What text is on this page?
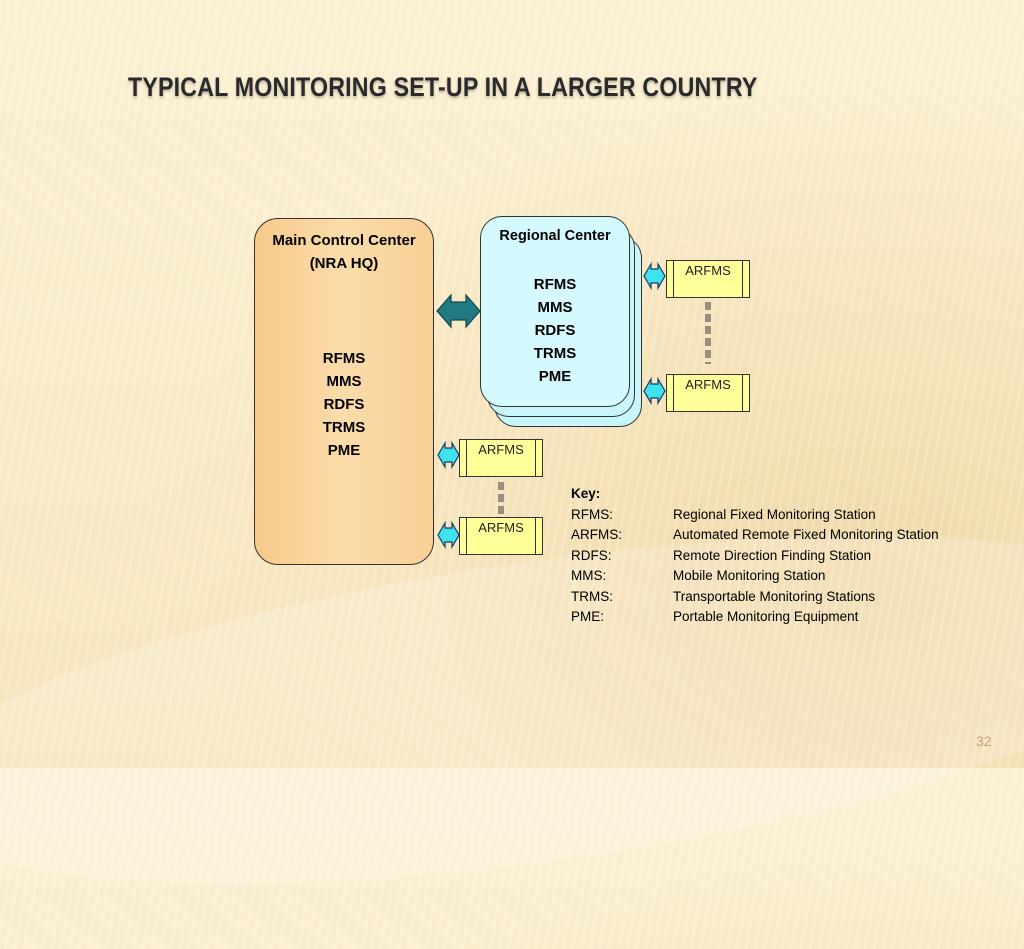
TYPICAL MONITORING SET-UP IN A LARGER COUNTRY
Main Control Center
(NRA HQ)
RFMS
MMS
RDFS
TRMS
PME
Regional Center
RFMS
MMS
RDFS
TRMS
PME
ARFMS
ARFMS
ARFMS
ARFMS
Key:
RFMS:	Regional Fixed Monitoring Station
ARFMS:	Automated Remote Fixed Monitoring Station
RDFS:	Remote Direction Finding Station
MMS:	Mobile Monitoring Station
TRMS:	Transportable Monitoring Stations
PME:	Portable Monitoring Equipment
32
